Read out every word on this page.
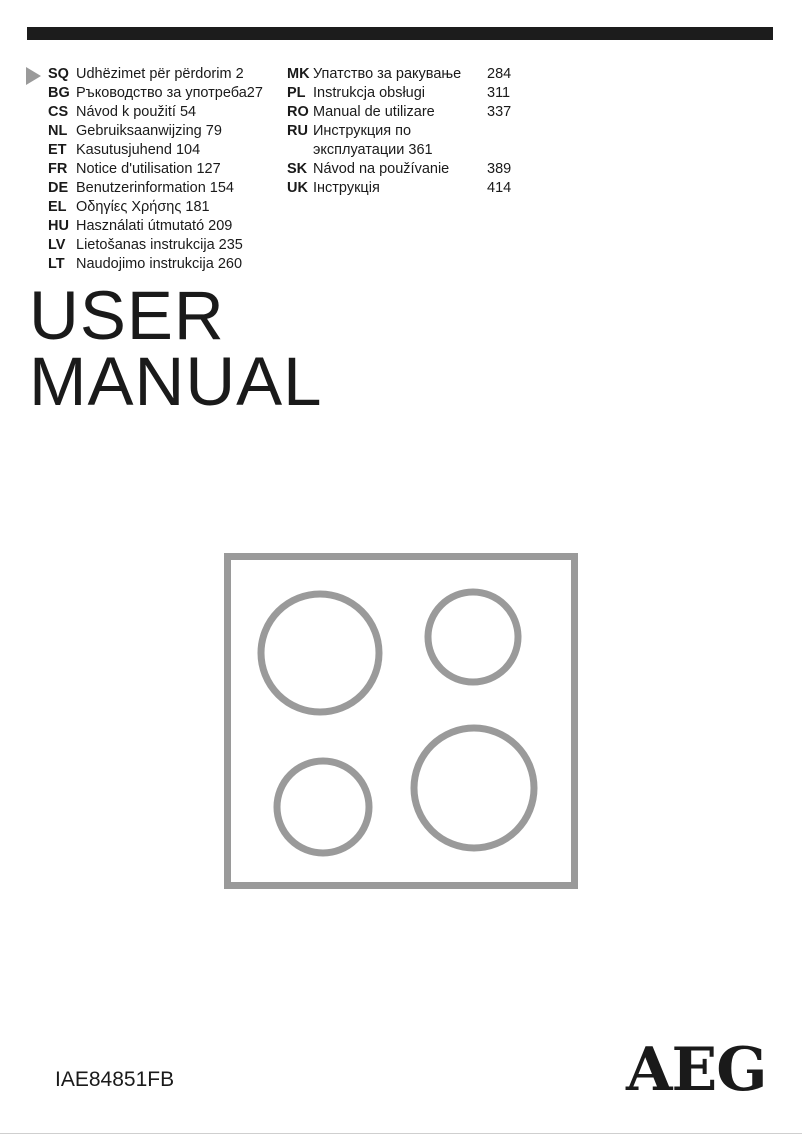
SQ Udhëzimet për përdorim 2
BG Ръководство за употреба27
CS Návod k použití 54
NL Gebruiksaanwijzing 79
ET Kasutusjuhend 104
FR Notice d'utilisation 127
DE Benutzerinformation 154
EL Οδηγίες Χρήσης 181
HU Használati útmutató 209
LV Lietošanas instrukcija 235
LT Naudojimo instrukcija 260
MK Упатство за ракување 284
PL Instrukcja obsługi	311
RO Manual de utilizare	337
RU Инструкция по эксплуатации 361
SK Návod na používanie	389
UK Інструкція	414
USER
MANUAL
IAE84851FB	AEG
